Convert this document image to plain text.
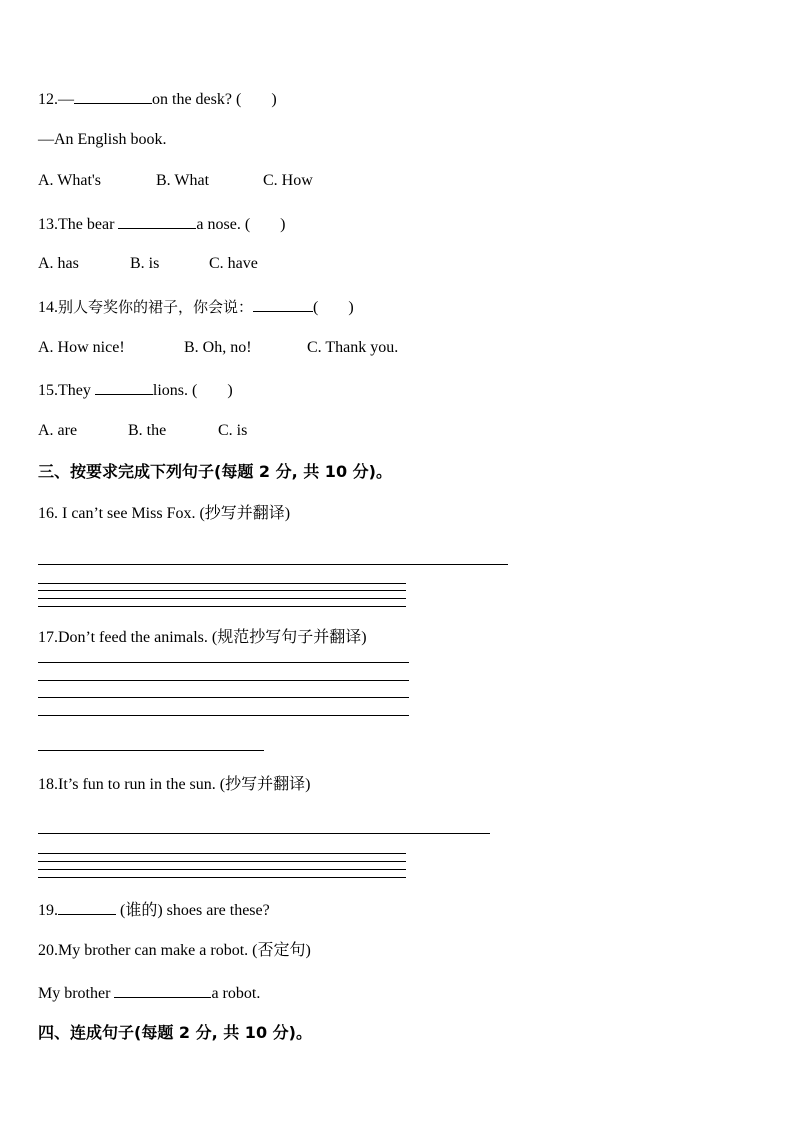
12.—	on the desk? ( )
—An English book.
A. What's	B. What	C. How
13.The bear	a nose. ( )
A. has	B. is	C. have
14.别人夸奖你的裙子，你会说：	( )
A. How nice!	B. Oh, no!	C. Thank you.
15.They	lions. ( )
A. are	B. the	C. is
三、按要求完成下列句子(每题 2 分, 共 10 分)。
16. I can’t see Miss Fox. (抄写并翻译)
17.Don’t feed the animals. (规范抄写句子并翻译)
18.It’s fun to run in the sun. (抄写并翻译)
19.	(谁的) shoes are these?
20.My brother can make a robot. (否定句)
My brother	a robot.
四、连成句子(每题 2 分, 共 10 分)。
